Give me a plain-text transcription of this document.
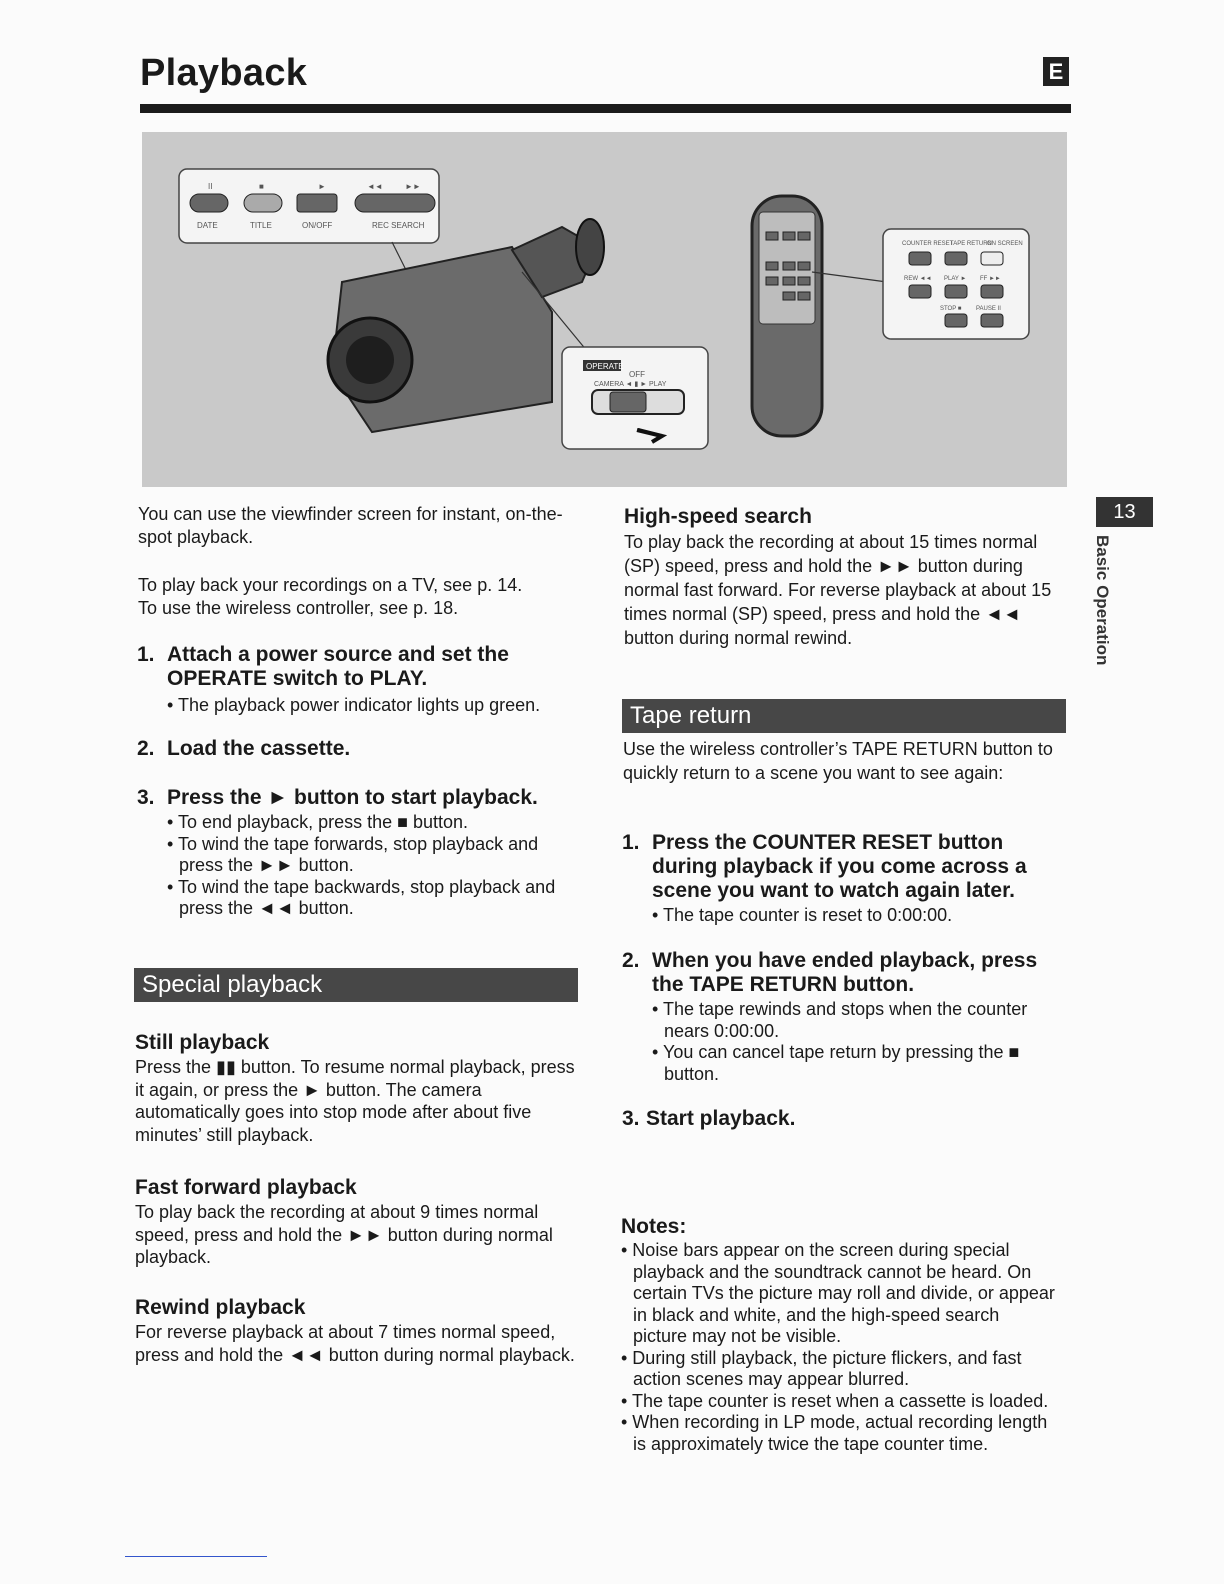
Playback	E
II	■	►	◄◄	►►
DATE	TITLE	ON/OFF	REC SEARCH
OPERATE
OFF
CAMERA ◄ ▮ ► PLAY
COUNTER RESET
TAPE RETURN
ON SCREEN
REW ◄◄ PLAY ► FF ►►
STOP ■ PAUSE II
13
Basic Operation
You can use the viewfinder screen for instant, on-the-spot playback.
To play back your recordings on a TV, see p. 14.
To use the wireless controller, see p. 18.
1. Attach a power source and set the OPERATE switch to PLAY.
• The playback power indicator lights up green.
2. Load the cassette.
3. Press the ► button to start playback.
• To end playback, press the ■ button.
• To wind the tape forwards, stop playback and press the ►► button.
• To wind the tape backwards, stop playback and press the ◄◄ button.
Special playback
Still playback
Press the ▮▮ button. To resume normal playback, press it again, or press the ► button. The camera automatically goes into stop mode after about five minutes’ still playback.
Fast forward playback
To play back the recording at about 9 times normal speed, press and hold the ►► button during normal playback.
Rewind playback
For reverse playback at about 7 times normal speed, press and hold the ◄◄ button during normal playback.
High-speed search
To play back the recording at about 15 times normal (SP) speed, press and hold the ►► button during normal fast forward. For reverse playback at about 15 times normal (SP) speed, press and hold the ◄◄ button during normal rewind.
Tape return
Use the wireless controller’s TAPE RETURN button to quickly return to a scene you want to see again:
1. Press the COUNTER RESET button during playback if you come across a scene you want to watch again later.
• The tape counter is reset to 0:00:00.
2. When you have ended playback, press the TAPE RETURN button.
• The tape rewinds and stops when the counter nears 0:00:00.
• You can cancel tape return by pressing the ■ button.
3. Start playback.
Notes:
• Noise bars appear on the screen during special playback and the soundtrack cannot be heard. On certain TVs the picture may roll and divide, or appear in black and white, and the high-speed search picture may not be visible.
• During still playback, the picture flickers, and fast action scenes may appear blurred.
• The tape counter is reset when a cassette is loaded.
• When recording in LP mode, actual recording length is approximately twice the tape counter time.
